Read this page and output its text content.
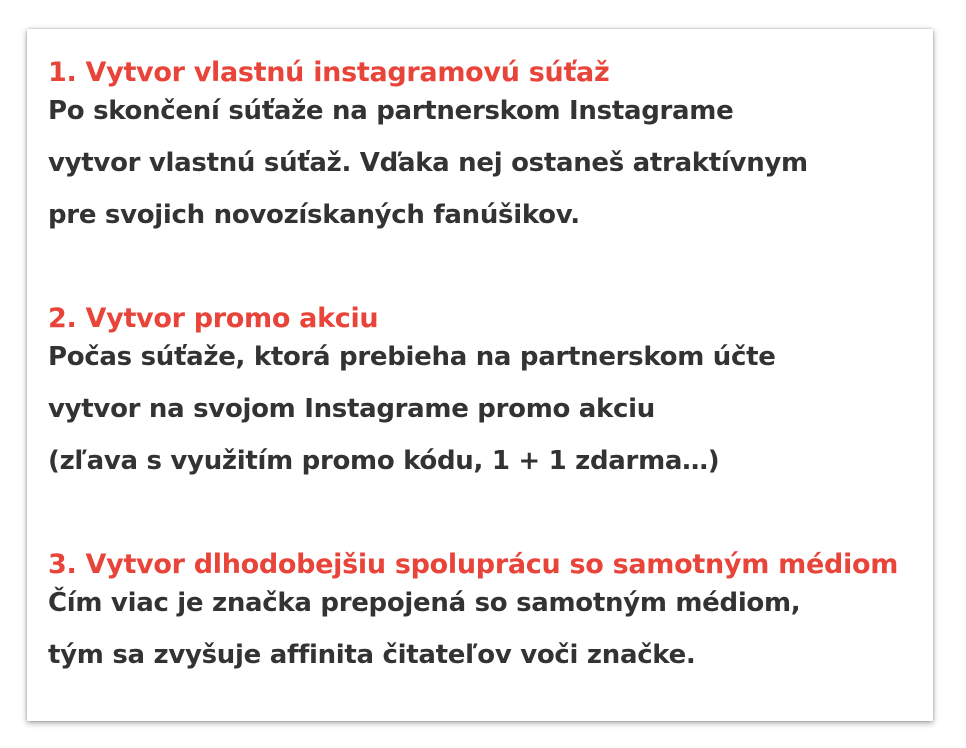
1. Vytvor vlastnú instagramovú súťaž
Po skončení súťaže na partnerskom Instagrame
vytvor vlastnú súťaž. Vďaka nej ostaneš atraktívnym
pre svojich novozískaných fanúšikov.
2. Vytvor promo akciu
Počas súťaže, ktorá prebieha na partnerskom účte
vytvor na svojom Instagrame promo akciu
(zľava s využitím promo kódu, 1 + 1 zdarma…)
3. Vytvor dlhodobejšiu spoluprácu so samotným médiom
Čím viac je značka prepojená so samotným médiom,
tým sa zvyšuje affinita čitateľov voči značke.
